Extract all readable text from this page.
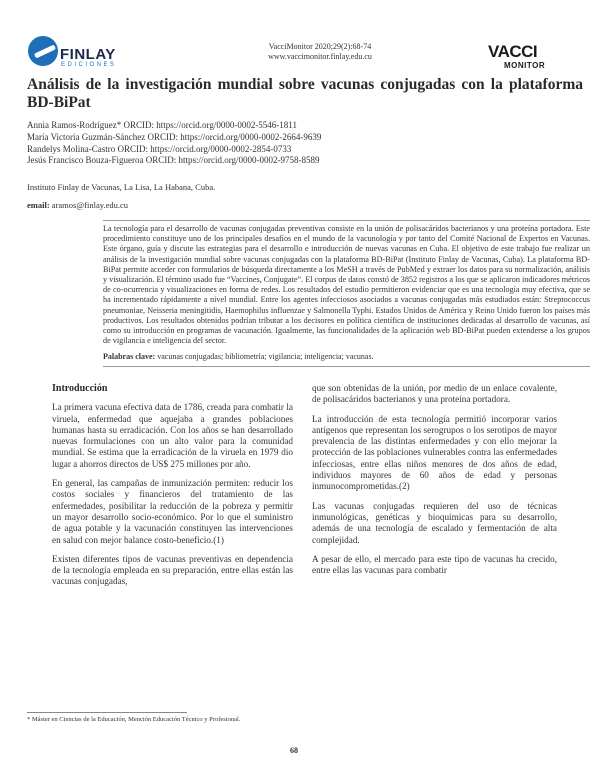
FINLAY
EDICIONES
VacciMonitor 2020;29(2):68-74
www.vaccimonitor.finlay.edu.cu	VACCI
MONITOR
Análisis de la investigación mundial sobre vacunas conjugadas con la plataforma BD-BiPat
Annia Ramos-Rodríguez* ORCID: https://orcid.org/0000-0002-5546-1811
María Victoria Guzmán-Sánchez ORCID: https://orcid.org/0000-0002-2664-9639
Randelys Molina-Castro ORCID: https://orcid.org/0000-0002-2854-0733
Jesús Francisco Bouza-Figueroa ORCID: https://orcid.org/0000-0002-9758-8589
Instituto Finlay de Vacunas, La Lisa, La Habana, Cuba.
email: aramos@finlay.edu.cu
La tecnología para el desarrollo de vacunas conjugadas preventivas consiste en la unión de polisacáridos bacterianos y una proteína portadora. Este procedimiento constituye uno de los principales desafíos en el mundo de la vacunología y por tanto del Comité Nacional de Expertos en Vacunas. Este órgano, guía y discute las estrategias para el desarrollo e introducción de nuevas vacunas en Cuba. El objetivo de este trabajo fue realizar un análisis de la investigación mundial sobre vacunas conjugadas con la plataforma BD-BiPat (Instituto Finlay de Vacunas, Cuba). La plataforma BD-BiPat permite acceder con formularios de búsqueda directamente a los MeSH a través de PubMed y extraer los datos para su normalización, análisis y visualización. El término usado fue “Vaccines, Conjugate”. El corpus de datos constó de 3852 registros a los que se aplicaron indicadores métricos de co-ocurrencia y visualizaciones en forma de redes. Los resultados del estudio permitieron evidenciar que es una tecnología muy efectiva, que se ha incrementado rápidamente a nivel mundial. Entre los agentes infecciosos asociados a vacunas conjugadas más estudiados están: Streptococcus pneumoniae, Neisseria meningitidis, Haemophilus influenzae y Salmonella Typhi. Estados Unidos de América y Reino Unido fueron los países más productivos. Los resultados obtenidos podrían tributar a los decisores en política científica de instituciones dedicadas al desarrollo de vacunas, así como su introducción en programas de vacunación. Igualmente, las funcionalidades de la aplicación web BD-BiPat pueden extenderse a los grupos de vigilancia e inteligencia del sector.
Palabras clave: vacunas conjugadas; bibliometría; vigilancia; inteligencia; vacunas.
Introducción

La primera vacuna efectiva data de 1786, creada para combatir la viruela, enfermedad que aquejaba a grandes poblaciones humanas hasta su erradicación. Con los años se han desarrollado nuevas formulaciones con un alto valor para la comunidad mundial. Se estima que la erradicación de la viruela en 1979 dio lugar a ahorros directos de US$ 275 millones por año.

En general, las campañas de inmunización permiten: reducir los costos sociales y financieros del tratamiento de las enfermedades, posibilitar la reducción de la pobreza y permitir un mayor desarrollo socio-económico. Por lo que el suministro de agua potable y la vacunación constituyen las intervenciones en salud con mejor balance costo-beneficio.(1)

Existen diferentes tipos de vacunas preventivas en dependencia de la tecnología empleada en su preparación, entre ellas están las vacunas conjugadas,

que son obtenidas de la unión, por medio de un enlace covalente, de polisacáridos bacterianos y una proteína portadora.

La introducción de esta tecnología permitió incorporar varios antígenos que representan los serogrupos o los serotipos de mayor prevalencia de las distintas enfermedades y con ello mejorar la protección de las poblaciones vulnerables contra las enfermedades infecciosas, entre ellas niños menores de dos años de edad, individuos mayores de 60 años de edad y personas inmunocomprometidas.(2)

Las vacunas conjugadas requieren del uso de técnicas inmunológicas, genéticas y bioquímicas para su desarrollo, además de una tecnología de escalado y fermentación de alta complejidad.

A pesar de ello, el mercado para este tipo de vacunas ha crecido, entre ellas las vacunas para combatir

* Máster en Ciencias de la Educación, Mención Educación Técnico y Profesional.
68
